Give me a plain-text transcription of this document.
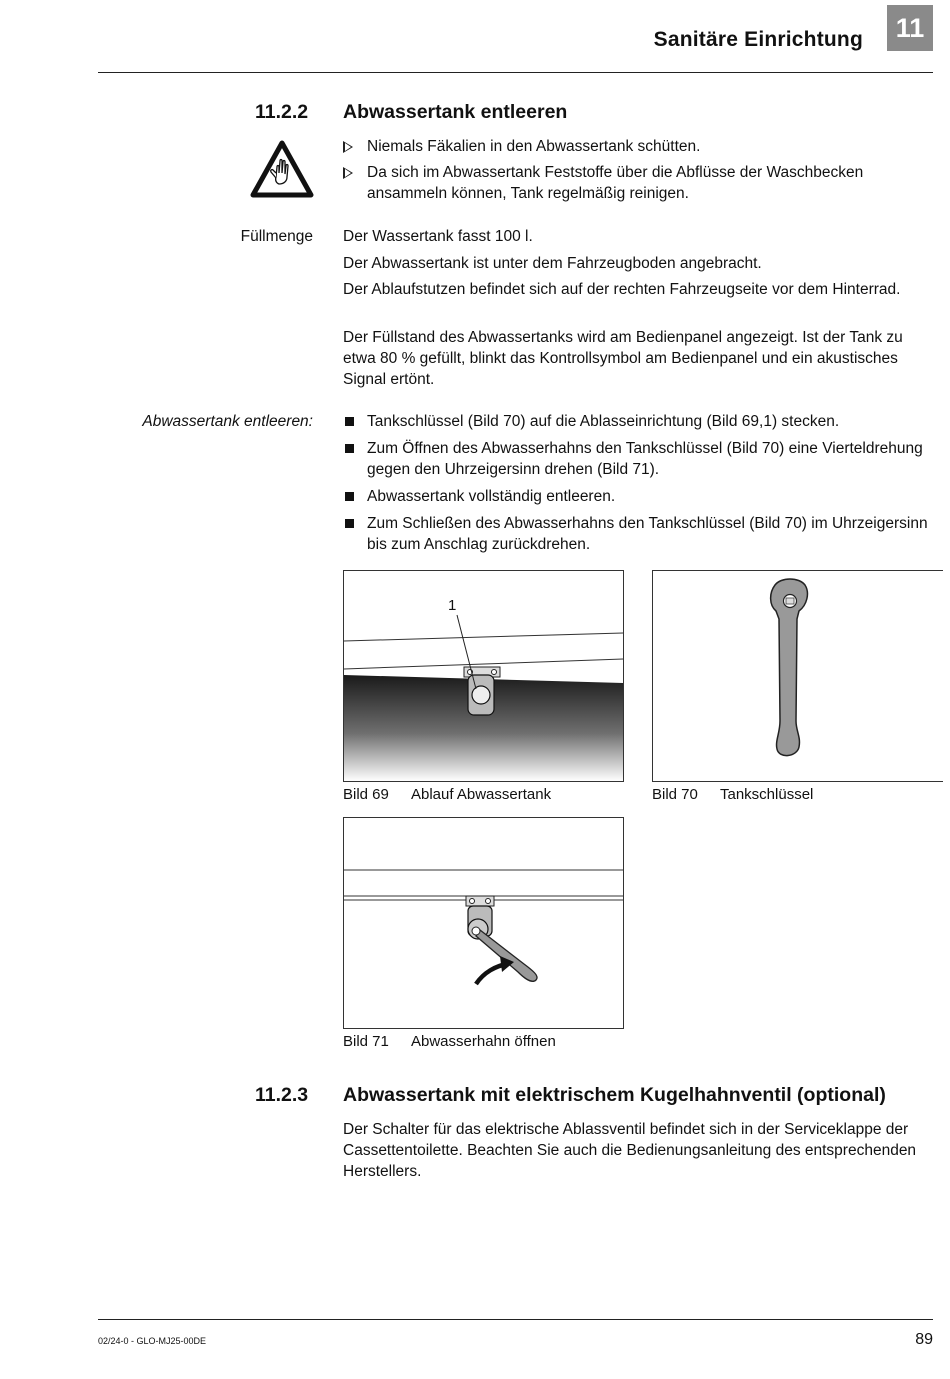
Sanitäre Einrichtung	11
11.2.2 Abwassertank entleeren
Niemals Fäkalien in den Abwassertank schütten.
Da sich im Abwassertank Feststoffe über die Abflüsse der Waschbecken ansammeln können, Tank regelmäßig reinigen.
Füllmenge Der Wassertank fasst 100 l.
Der Abwassertank ist unter dem Fahrzeugboden angebracht.
Der Ablaufstutzen befindet sich auf der rechten Fahrzeugseite vor dem Hinterrad.
Der Füllstand des Abwassertanks wird am Bedienpanel angezeigt. Ist der Tank zu etwa 80 % gefüllt, blinkt das Kontrollsymbol am Bedienpanel und ein akustisches Signal ertönt.
Abwassertank entleeren:	Tankschlüssel (Bild 70) auf die Ablasseinrichtung (Bild 69,1) stecken.
Zum Öffnen des Abwasserhahns den Tankschlüssel (Bild 70) eine Vierteldrehung gegen den Uhrzeigersinn drehen (Bild 71).
Abwassertank vollständig entleeren.
Zum Schließen des Abwasserhahns den Tankschlüssel (Bild 70) im Uhrzeigersinn bis zum Anschlag zurückdrehen.
1
Bild 69 Ablauf Abwassertank	Bild 70 Tankschlüssel
Bild 71 Abwasserhahn öffnen
11.2.3 Abwassertank mit elektrischem Kugelhahnventil (optional)
Der Schalter für das elektrische Ablassventil befindet sich in der Serviceklappe der Cassettentoilette. Beachten Sie auch die Bedienungsanleitung des entsprechenden Herstellers.
02/24-0 - GLO-MJ25-00DE	89
